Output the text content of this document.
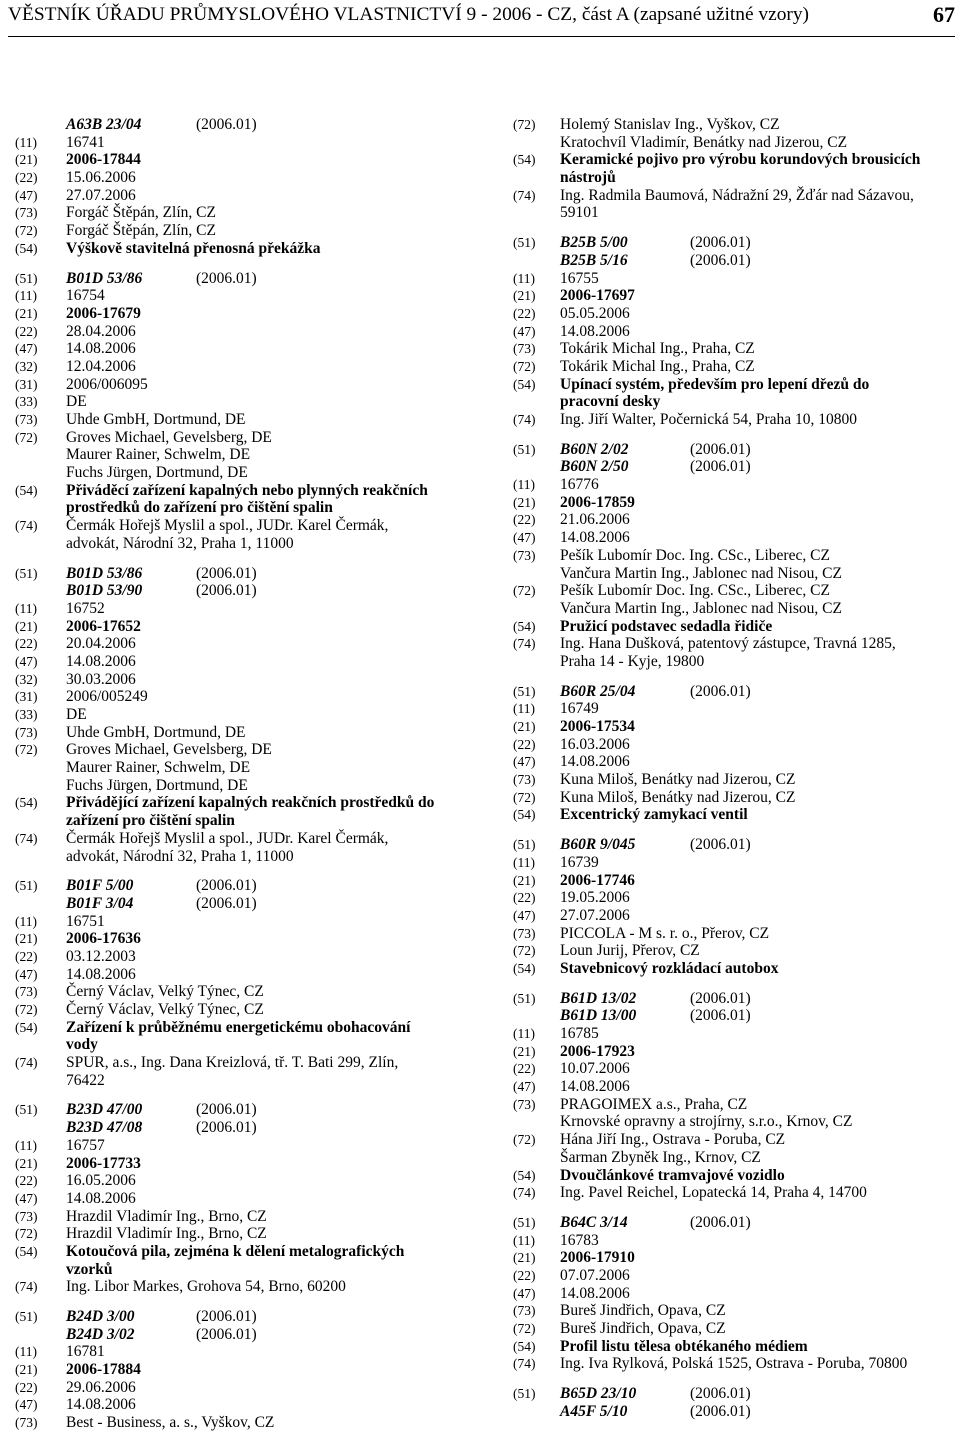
VĚSTNÍK ÚŘADU PRŮMYSLOVÉHO VLASTNICTVÍ 9 - 2006 - CZ, část A (zapsané užitné vzory)	67
A63B 23/04	(2006.01)
(11) 16741
(21) 2006-17844
(22) 15.06.2006
(47) 27.07.2006
(73) Forgáč Štěpán, Zlín, CZ
(72) Forgáč Štěpán, Zlín, CZ
(54) Výškově stavitelná přenosná překážka
(51) B01D 53/86	(2006.01)
(11) 16754
(21) 2006-17679
(22) 28.04.2006
(47) 14.08.2006
(32) 12.04.2006
(31) 2006/006095
(33) DE
(73) Uhde GmbH, Dortmund, DE
(72) Groves Michael, Gevelsberg, DE
Maurer Rainer, Schwelm, DE
Fuchs Jürgen, Dortmund, DE
(54) Přiváděcí zařízení kapalných nebo plynných reakčních
prostředků do zařízení pro čištění spalin
(74) Čermák Hořejš Myslil a spol., JUDr. Karel Čermák,
advokát, Národní 32, Praha 1, 11000
(51) B01D 53/86	(2006.01)
B01D 53/90	(2006.01)
(11) 16752
(21) 2006-17652
(22) 20.04.2006
(47) 14.08.2006
(32) 30.03.2006
(31) 2006/005249
(33) DE
(73) Uhde GmbH, Dortmund, DE
(72) Groves Michael, Gevelsberg, DE
Maurer Rainer, Schwelm, DE
Fuchs Jürgen, Dortmund, DE
(54) Přivádějící zařízení kapalných reakčních prostředků do
zařízení pro čištění spalin
(74) Čermák Hořejš Myslil a spol., JUDr. Karel Čermák,
advokát, Národní 32, Praha 1, 11000
(51) B01F 5/00	(2006.01)
B01F 3/04	(2006.01)
(11) 16751
(21) 2006-17636
(22) 03.12.2003
(47) 14.08.2006
(73) Černý Václav, Velký Týnec, CZ
(72) Černý Václav, Velký Týnec, CZ
(54) Zařízení k průběžnému energetickému obohacování
vody
(74) SPUR, a.s., Ing. Dana Kreizlová, tř. T. Bati 299, Zlín,
76422
(51) B23D 47/00	(2006.01)
B23D 47/08	(2006.01)
(11) 16757
(21) 2006-17733
(22) 16.05.2006
(47) 14.08.2006
(73) Hrazdil Vladimír Ing., Brno, CZ
(72) Hrazdil Vladimír Ing., Brno, CZ
(54) Kotoučová pila, zejména k dělení metalografických
vzorků
(74) Ing. Libor Markes, Grohova 54, Brno, 60200
(51) B24D 3/00	(2006.01)
B24D 3/02	(2006.01)
(11) 16781
(21) 2006-17884
(22) 29.06.2006
(47) 14.08.2006
(73) Best - Business, a. s., Vyškov, CZ
(72) Holemý Stanislav Ing., Vyškov, CZ
Kratochvíl Vladimír, Benátky nad Jizerou, CZ
(54) Keramické pojivo pro výrobu korundových brousicích
nástrojů
(74) Ing. Radmila Baumová, Nádražní 29, Žďár nad Sázavou,
59101
(51) B25B 5/00	(2006.01)
B25B 5/16	(2006.01)
(11) 16755
(21) 2006-17697
(22) 05.05.2006
(47) 14.08.2006
(73) Tokárik Michal Ing., Praha, CZ
(72) Tokárik Michal Ing., Praha, CZ
(54) Upínací systém, především pro lepení dřezů do
pracovní desky
(74) Ing. Jiří Walter, Počernická 54, Praha 10, 10800
(51) B60N 2/02	(2006.01)
B60N 2/50	(2006.01)
(11) 16776
(21) 2006-17859
(22) 21.06.2006
(47) 14.08.2006
(73) Pešík Lubomír Doc. Ing. CSc., Liberec, CZ
Vančura Martin Ing., Jablonec nad Nisou, CZ
(72) Pešík Lubomír Doc. Ing. CSc., Liberec, CZ
Vančura Martin Ing., Jablonec nad Nisou, CZ
(54) Pružicí podstavec sedadla řidiče
(74) Ing. Hana Dušková, patentový zástupce, Travná 1285,
Praha 14 - Kyje, 19800
(51) B60R 25/04	(2006.01)
(11) 16749
(21) 2006-17534
(22) 16.03.2006
(47) 14.08.2006
(73) Kuna Miloš, Benátky nad Jizerou, CZ
(72) Kuna Miloš, Benátky nad Jizerou, CZ
(54) Excentrický zamykací ventil
(51) B60R 9/045	(2006.01)
(11) 16739
(21) 2006-17746
(22) 19.05.2006
(47) 27.07.2006
(73) PICCOLA - M s. r. o., Přerov, CZ
(72) Loun Jurij, Přerov, CZ
(54) Stavebnicový rozkládací autobox
(51) B61D 13/02	(2006.01)
B61D 13/00	(2006.01)
(11) 16785
(21) 2006-17923
(22) 10.07.2006
(47) 14.08.2006
(73) PRAGOIMEX a.s., Praha, CZ
Krnovské opravny a strojírny, s.r.o., Krnov, CZ
(72) Hána Jiří Ing., Ostrava - Poruba, CZ
Šarman Zbyněk Ing., Krnov, CZ
(54) Dvoučlánkové tramvajové vozidlo
(74) Ing. Pavel Reichel, Lopatecká 14, Praha 4, 14700
(51) B64C 3/14	(2006.01)
(11) 16783
(21) 2006-17910
(22) 07.07.2006
(47) 14.08.2006
(73) Bureš Jindřich, Opava, CZ
(72) Bureš Jindřich, Opava, CZ
(54) Profil listu tělesa obtékaného médiem
(74) Ing. Iva Rylková, Polská 1525, Ostrava - Poruba, 70800
(51) B65D 23/10	(2006.01)
A45F 5/10	(2006.01)
